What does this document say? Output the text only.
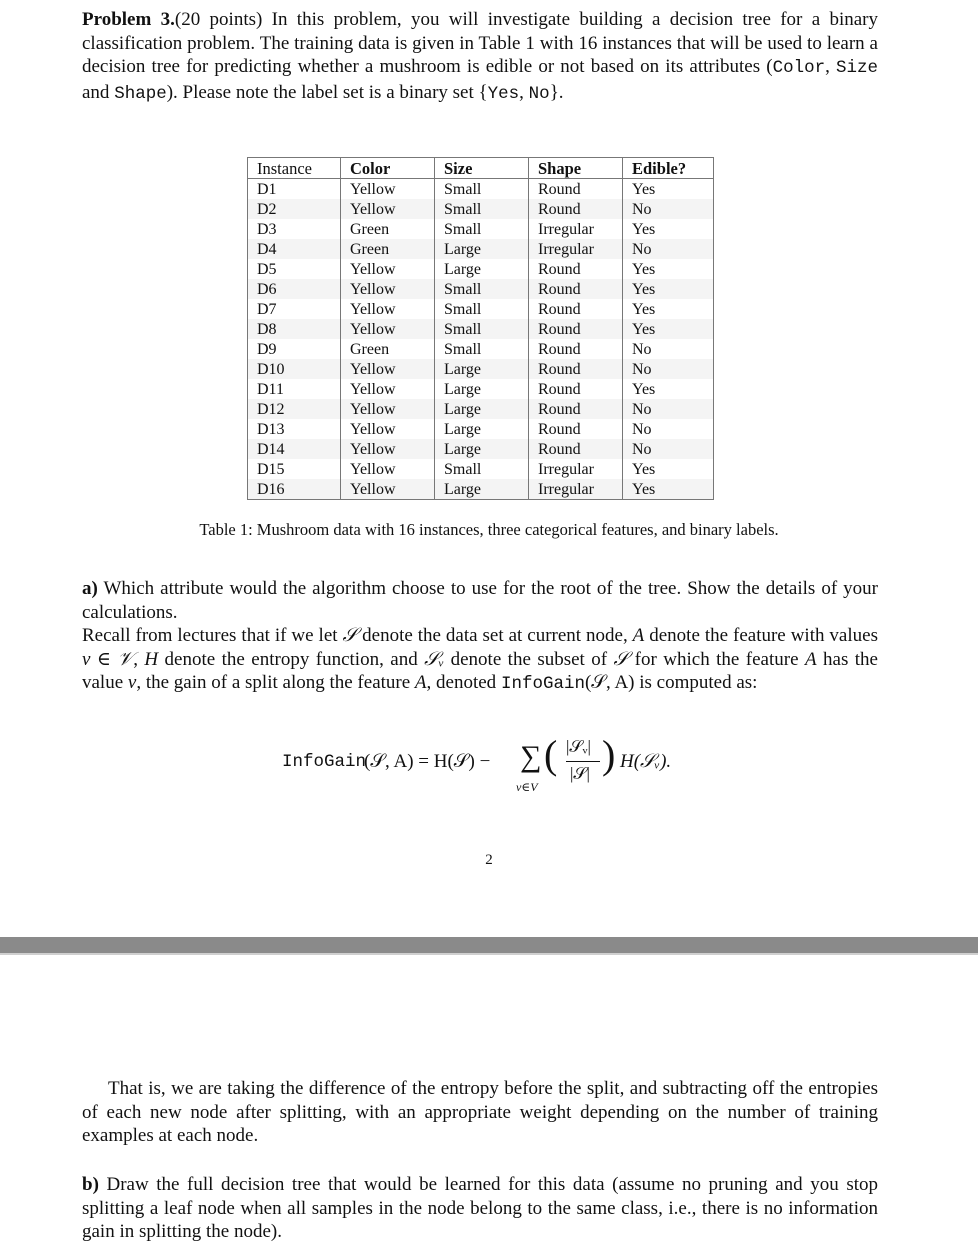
Problem 3.(20 points) In this problem, you will investigate building a decision tree for a binary classification problem. The training data is given in Table 1 with 16 instances that will be used to learn a decision tree for predicting whether a mushroom is edible or not based on its attributes (Color, Size and Shape). Please note the label set is a binary set {Yes, No}.
Instance	Color	Size	Shape	Edible?
D1	Yellow	Small	Round	Yes
D2	Yellow	Small	Round	No
D3	Green	Small	Irregular	Yes
D4	Green	Large	Irregular	No
D5	Yellow	Large	Round	Yes
D6	Yellow	Small	Round	Yes
D7	Yellow	Small	Round	Yes
D8	Yellow	Small	Round	Yes
D9	Green	Small	Round	No
D10	Yellow	Large	Round	No
D11	Yellow	Large	Round	Yes
D12	Yellow	Large	Round	No
D13	Yellow	Large	Round	No
D14	Yellow	Large	Round	No
D15	Yellow	Small	Irregular	Yes
D16	Yellow	Large	Irregular	Yes
Table 1: Mushroom data with 16 instances, three categorical features, and binary labels.
a) Which attribute would the algorithm choose to use for the root of the tree. Show the details of your calculations.
Recall from lectures that if we let 𝒮 denote the data set at current node, A denote the feature with values v ∈ 𝒱, H denote the entropy function, and 𝒮ᵥ denote the subset of 𝒮 for which the feature A has the value v, the gain of a split along the feature A, denoted InfoGain(𝒮, A) is computed as:
InfoGain
(𝒮, A) = H(𝒮) − ∑
v∈V
( |𝒮ᵥ|
|𝒮| ) H(𝒮ᵥ).
2
That is, we are taking the difference of the entropy before the split, and subtracting off the entropies of each new node after splitting, with an appropriate weight depending on the number of training examples at each node.
b) Draw the full decision tree that would be learned for this data (assume no pruning and you stop splitting a leaf node when all samples in the node belong to the same class, i.e., there is no information gain in splitting the node).
